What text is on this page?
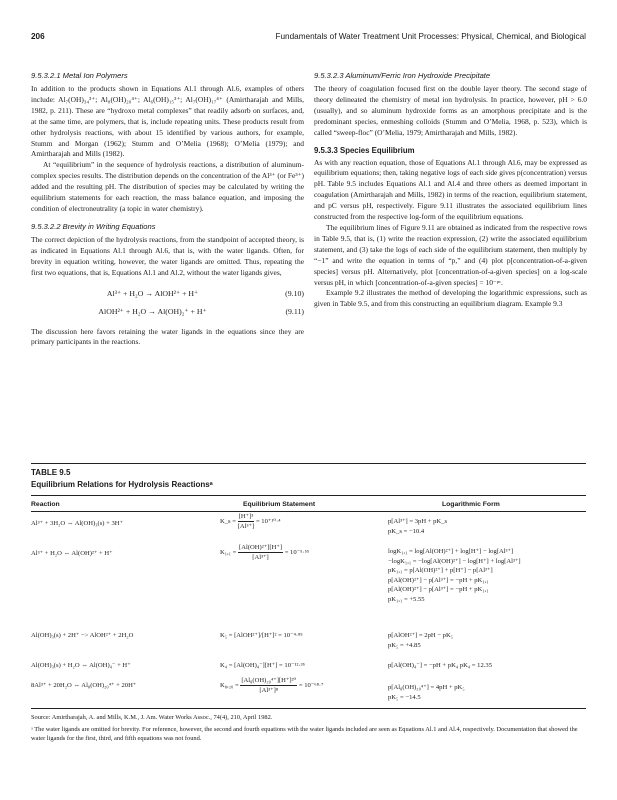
206	Fundamentals of Water Treatment Unit Processes: Physical, Chemical, and Biological
9.5.3.2.1 Metal Ion Polymers

In addition to the products shown in Equations Al.1 through Al.6, examples of others include: Al₇(OH)₃₄³⁺; Al₈(OH)₂₀⁴⁺; Al₆(OH)₁₅³⁺; Al₇(OH)₁₇⁴⁺ (Amirtharajah and Mills, 1982, p. 211). These are “hydroxo metal complexes” that readily adsorb on surfaces, and, at the same time, are polymers, that is, include repeating units. These products result from other hydrolysis reactions, with about 15 identified by various authors, for example, Stumm and Morgan (1962); Stumm and O’Melia (1968); O’Melia (1979); and Amirtharajah and Mills (1982).

At “equilibrium” in the sequence of hydrolysis reactions, a distribution of aluminum-complex species results. The distribution depends on the concentration of the Al³⁺ (or Fe³⁺) added and the resulting pH. The distribution of species may be calculated by writing the equilibrium statements for each reaction, the mass balance equation, and imposing the condition of electroneutrality (a topic in water chemistry).

9.5.3.2.2 Brevity in Writing Equations

The correct depiction of the hydrolysis reactions, from the standpoint of accepted theory, is as indicated in Equations Al.1 through Al.6, that is, with the water ligands. Often, for brevity in equation writing, however, the water ligands are omitted. Thus, repeating the first two equations, that is, Equations Al.1 and Al.2, without the water ligands gives,

Al³⁺ + H₂O → AlOH²⁺ + H⁺	(9.10)
AlOH²⁺ + H₂O → Al(OH)₂⁺ + H⁺	(9.11)

The discussion here favors retaining the water ligands in the equations since they are primary participants in the reactions.

9.5.3.2.3 Aluminum/Ferric Iron Hydroxide Precipitate

The theory of coagulation focused first on the double layer theory. The second stage of theory delineated the chemistry of metal ion hydrolysis. In practice, however, pH > 6.0 (usually), and so aluminum hydroxide forms as an amorphous precipitate and is the predominant species, enmeshing colloids (Stumm and O’Melia, 1968, p. 523), which is called “sweep-floc” (O’Melia, 1979; Amirtharajah and Mills, 1982).

9.5.3.3 Species Equilibrium

As with any reaction equation, those of Equations Al.1 through Al.6, may be expressed as equilibrium equations; then, taking negative logs of each side gives p(concentration) versus pH. Table 9.5 includes Equations Al.1 and Al.4 and three others as deemed important in coagulation (Amirtharajah and Mills, 1982) in terms of the reaction, equilibrium statement, and pC versus pH, respectively. Figure 9.11 illustrates the associated equilibrium lines constructed from the respective log-form of the equilibrium equations.

The equilibrium lines of Figure 9.11 are obtained as indicated from the respective rows in Table 9.5, that is, (1) write the reaction expression, (2) write the associated equilibrium statement, and (3) take the logs of each side of the equilibrium statement, then multiply by “−1” and write the equation in terms of “p,” and (4) plot p[concentration-of-a-given species] versus pH. Alternatively, plot [concentration-of-a-given species] on a log-scale versus pH, in which [concentration-of-a-given species] = 10⁻ᵖᶜ.

Example 9.2 illustrates the method of developing the logarithmic expressions, such as given in Table 9.5, and from this constructing an equilibrium diagram. Example 9.3

TABLE 9.5
Equilibrium Relations for Hydrolysis Reactionsᵃ
Reaction	Equilibrium Statement	Logarithmic Form
Al³⁺ + 3H₂O ⇔ Al(OH)₃(s) + 3H⁺	K_s = $\frac{\text{[H⁺]³}}{\text{[Al³⁺]}} = 10^{+10}\cdot^4$	p[Al³⁺] = 3pH + pK_s
pK_s = −10.4
Al³⁺ + H₂O ⇔ Al(OH)²⁺ + H⁺	$K_1,_1 = \frac{\text{[Al(OH)²⁺][H⁺]}}{\text{[Al³⁺]}} = 10^{-5}\cdot^{55}$	logK₁,₁ = log[Al(OH)²⁺] + log[H⁺] − log[Al³⁺]
−logK₁,₁ = −log[Al(OH)²⁺] − log[H⁺] + log[Al³⁺]
pK₁,₁ = p[Al(OH)²⁺] + p[H⁺] − p[Al³⁺]
p[Al(OH)²⁺] − p[Al³⁺] = −pH + pK₁,₁
p[Al(OH)²⁺] − p[Al³⁺] = −pH + pK₁,₁
pK₁,₁ = +5.55
Al(OH)₃(s) + 2H⁺ −> AlOH²⁺ + 2H₂O	K₅ = [AlOH²⁺]/[H⁺]² = 10⁻⁴·⁸⁵	p[AlOH²⁺] = 2pH − pK₅
pK₅ = +4.85
Al(OH)₃(s) + H₂O ⇔ Al(OH)₄⁻ + H⁺	K₄ = [Al(OH)₄⁻][H⁺] = 10⁻¹²·³⁵	p[Al(OH)₄⁻] = −pH + pK₄ pK₄ = 12.35
8Al³⁺ + 20H₂O ⇔ Al₈(OH)₂₀⁴⁺ + 20H⁺	$K_8,_{20} = \frac{\text{[Al₈(OH)₂₀⁴⁺][H⁺]²⁰}}{\text{[Al³⁺]⁸}} = 10^{-68}\cdot^7$	p[Al₈(OH)₂₀⁴⁺] = 4pH + pK₅
pK₅ = −14.5
Source: Amirtharajah, A. and Mills, K.M., J. Am. Water Works Assoc., 74(4), 210, April 1982.
ᵃ The water ligands are omitted for brevity. For reference, however, the second and fourth equations with the water ligands included are seen as Equations Al.1 and Al.4, respectively. Documentation that showed the water ligands for the first, third, and fifth equations was not found.
